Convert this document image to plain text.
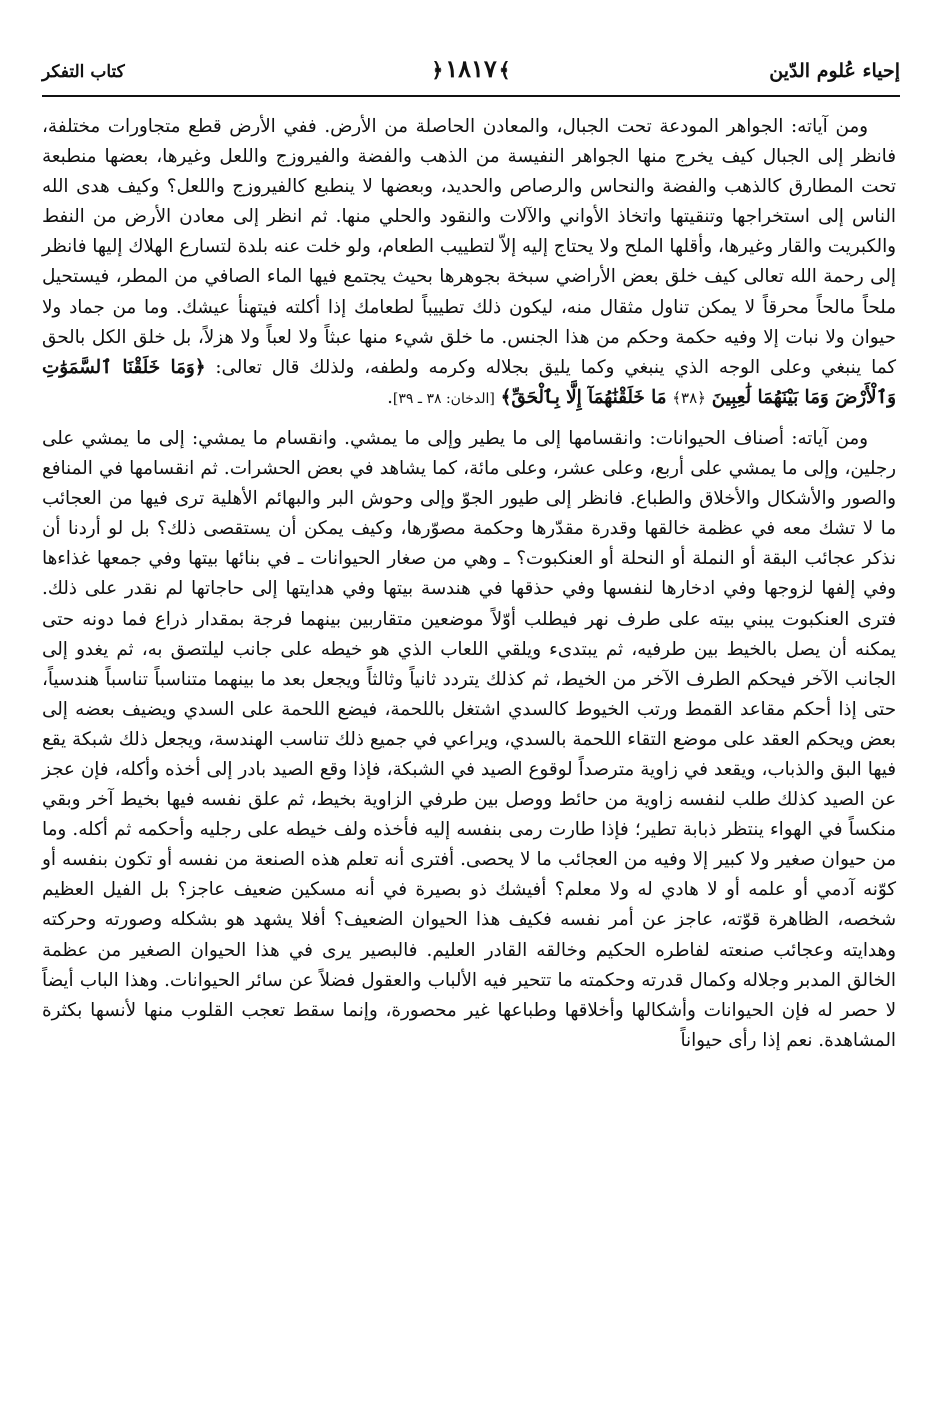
إحياء عُلوم الدّين
﴾١٨١٧﴿
كتاب التفكر

ومن آياته: الجواهر المودعة تحت الجبال، والمعادن الحاصلة من الأرض. ففي الأرض قطع متجاورات مختلفة، فانظر إلى الجبال كيف يخرج منها الجواهر النفيسة من الذهب والفضة والفيروزج واللعل وغيرها، بعضها منطبعة تحت المطارق كالذهب والفضة والنحاس والرصاص والحديد، وبعضها لا ينطبع كالفيروزج واللعل؟ وكيف هدى الله الناس إلى استخراجها وتنقيتها واتخاذ الأواني والآلات والنقود والحلي منها. ثم انظر إلى معادن الأرض من النفط والكبريت والقار وغيرها، وأقلها الملح ولا يحتاج إليه إلاّ لتطييب الطعام، ولو خلت عنه بلدة لتسارع الهلاك إليها فانظر إلى رحمة الله تعالى كيف خلق بعض الأراضي سبخة بجوهرها بحيث يجتمع فيها الماء الصافي من المطر، فيستحيل ملحاً مالحاً محرقاً لا يمكن تناول مثقال منه، ليكون ذلك تطييباً لطعامك إذا أكلته فيتهنأ عيشك. وما من جماد ولا حيوان ولا نبات إلا وفيه حكمة وحكم من هذا الجنس. ما خلق شيء منها عبثاً ولا لعباً ولا هزلاً، بل خلق الكل بالحق كما ينبغي وعلى الوجه الذي ينبغي وكما يليق بجلاله وكرمه ولطفه، ولذلك قال تعالى: ﴿وَمَا خَلَقْنَا ٱلسَّمَوَٰتِ وَٱلْأَرْضَ وَمَا بَيْنَهُمَا لَٰعِبِينَ ﴿٣٨﴾ مَا خَلَقْنَٰهُمَآ إِلَّا بِٱلْحَقِّ﴾ [الدخان: ٣٨ ـ ٣٩].

ومن آياته: أصناف الحيوانات: وانقسامها إلى ما يطير وإلى ما يمشي. وانقسام ما يمشي: إلى ما يمشي على رجلين، وإلى ما يمشي على أربع، وعلى عشر، وعلى مائة، كما يشاهد في بعض الحشرات. ثم انقسامها في المنافع والصور والأشكال والأخلاق والطباع. فانظر إلى طيور الجوّ وإلى وحوش البر والبهائم الأهلية ترى فيها من العجائب ما لا تشك معه في عظمة خالقها وقدرة مقدّرها وحكمة مصوّرها، وكيف يمكن أن يستقصى ذلك؟ بل لو أردنا أن نذكر عجائب البقة أو النملة أو النحلة أو العنكبوت؟ ـ وهي من صغار الحيوانات ـ في بنائها بيتها وفي جمعها غذاءها وفي إلفها لزوجها وفي ادخارها لنفسها وفي حذقها في هندسة بيتها وفي هدايتها إلى حاجاتها لم نقدر على ذلك. فترى العنكبوت يبني بيته على طرف نهر فيطلب أوّلاً موضعين متقاربين بينهما فرجة بمقدار ذراع فما دونه حتى يمكنه أن يصل بالخيط بين طرفيه، ثم يبتدىء ويلقي اللعاب الذي هو خيطه على جانب ليلتصق به، ثم يغدو إلى الجانب الآخر فيحكم الطرف الآخر من الخيط، ثم كذلك يتردد ثانياً وثالثاً ويجعل بعد ما بينهما متناسباً تناسباً هندسياً، حتى إذا أحكم مقاعد القمط ورتب الخيوط كالسدي اشتغل باللحمة، فيضع اللحمة على السدي ويضيف بعضه إلى بعض ويحكم العقد على موضع التقاء اللحمة بالسدي، ويراعي في جميع ذلك تناسب الهندسة، ويجعل ذلك شبكة يقع فيها البق والذباب، ويقعد في زاوية مترصداً لوقوع الصيد في الشبكة، فإذا وقع الصيد بادر إلى أخذه وأكله، فإن عجز عن الصيد كذلك طلب لنفسه زاوية من حائط ووصل بين طرفي الزاوية بخيط، ثم علق نفسه فيها بخيط آخر وبقي منكساً في الهواء ينتظر ذبابة تطير؛ فإذا طارت رمى بنفسه إليه فأخذه ولف خيطه على رجليه وأحكمه ثم أكله. وما من حيوان صغير ولا كبير إلا وفيه من العجائب ما لا يحصى. أفترى أنه تعلم هذه الصنعة من نفسه أو تكون بنفسه أو كوّنه آدمي أو علمه أو لا هادي له ولا معلم؟ أفيشك ذو بصيرة في أنه مسكين ضعيف عاجز؟ بل الفيل العظيم شخصه، الظاهرة قوّته، عاجز عن أمر نفسه فكيف هذا الحيوان الضعيف؟ أفلا يشهد هو بشكله وصورته وحركته وهدايته وعجائب صنعته لفاطره الحكيم وخالقه القادر العليم. فالبصير يرى في هذا الحيوان الصغير من عظمة الخالق المدبر وجلاله وكمال قدرته وحكمته ما تتحير فيه الألباب والعقول فضلاً عن سائر الحيوانات. وهذا الباب أيضاً لا حصر له فإن الحيوانات وأشكالها وأخلاقها وطباعها غير محصورة، وإنما سقط تعجب القلوب منها لأنسها بكثرة المشاهدة. نعم إذا رأى حيواناً
